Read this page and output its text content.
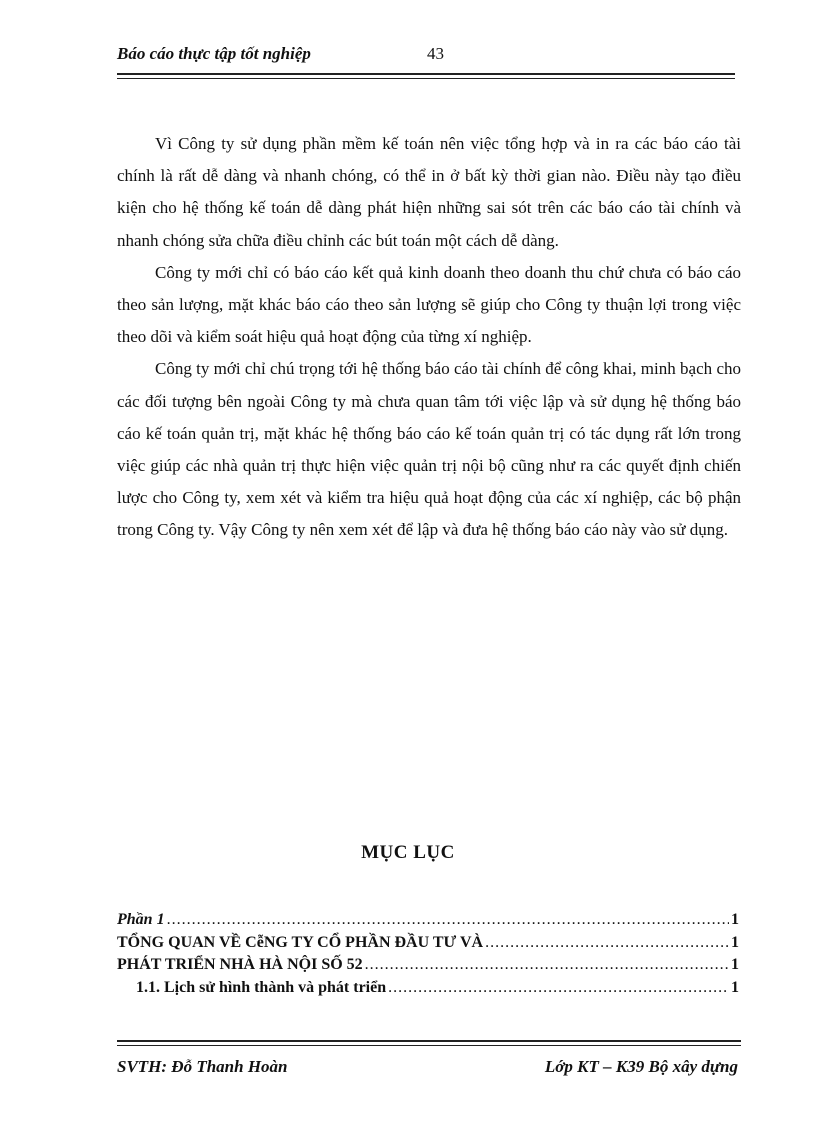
Báo cáo thực tập tốt nghiệp	43

Vì Công ty sử dụng phần mềm kế toán nên việc tổng hợp và in ra các báo cáo tài chính là rất dễ dàng và nhanh chóng, có thể in ở bất kỳ thời gian nào. Điều này tạo điều kiện cho hệ thống kế toán dễ dàng phát hiện những sai sót trên các báo cáo tài chính và nhanh chóng sửa chữa điều chỉnh các bút toán một cách dễ dàng.

Công ty mới chỉ có báo cáo kết quả kinh doanh theo doanh thu chứ chưa có báo cáo theo sản lượng, mặt khác báo cáo theo sản lượng sẽ giúp cho Công ty thuận lợi trong việc theo dõi và kiểm soát hiệu quả hoạt động của từng xí nghiệp.

Công ty mới chỉ chú trọng tới hệ thống báo cáo tài chính để công khai, minh bạch cho các đối tượng bên ngoài Công ty mà chưa quan tâm tới việc lập và sử dụng hệ thống báo cáo kế toán quản trị, mặt khác hệ thống báo cáo kế toán quản trị có tác dụng rất lớn trong việc giúp các nhà quản trị thực hiện việc quản trị nội bộ cũng như ra các quyết định chiến lược cho Công ty, xem xét và kiểm tra hiệu quả hoạt động của các xí nghiệp, các bộ phận trong Công ty. Vậy Công ty nên xem xét để lập và đưa hệ thống báo cáo này vào sử dụng.

MỤC LỤC
Phần 1 .....	1
TỔNG QUAN VỀ CễNG TY CỔ PHẦN ĐẦU TƯ VÀ .....	1
PHÁT TRIỂN NHÀ HÀ NỘI SỐ 52 .....	1
1.1. Lịch sử hình thành và phát triển .....	1
SVTH: Đỗ Thanh Hoàn	Lớp KT – K39 Bộ xây dựng
